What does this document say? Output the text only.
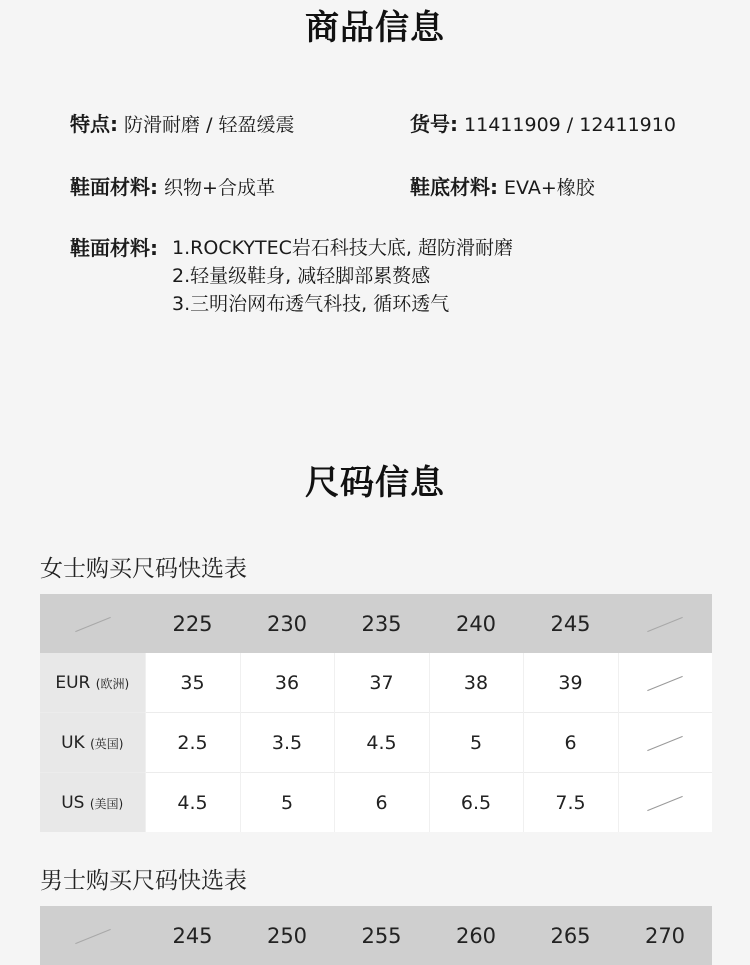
商品信息
特点: 防滑耐磨 / 轻盈缓震	货号: 11411909 / 12411910
鞋面材料: 织物+合成革	鞋底材料: EVA+橡胶
鞋面材料: 1.ROCKYTEC岩石科技大底, 超防滑耐磨
2.轻量级鞋身, 减轻脚部累赘感
3.三明治网布透气科技, 循环透气
尺码信息
女士购买尺码快选表
	225	230	235	240	245	
EUR (欧洲)	35	36	37	38	39	
UK (英国)	2.5	3.5	4.5	5	6	
US (美国)	4.5	5	6	6.5	7.5	
男士购买尺码快选表
	245	250	255	260	265	270
